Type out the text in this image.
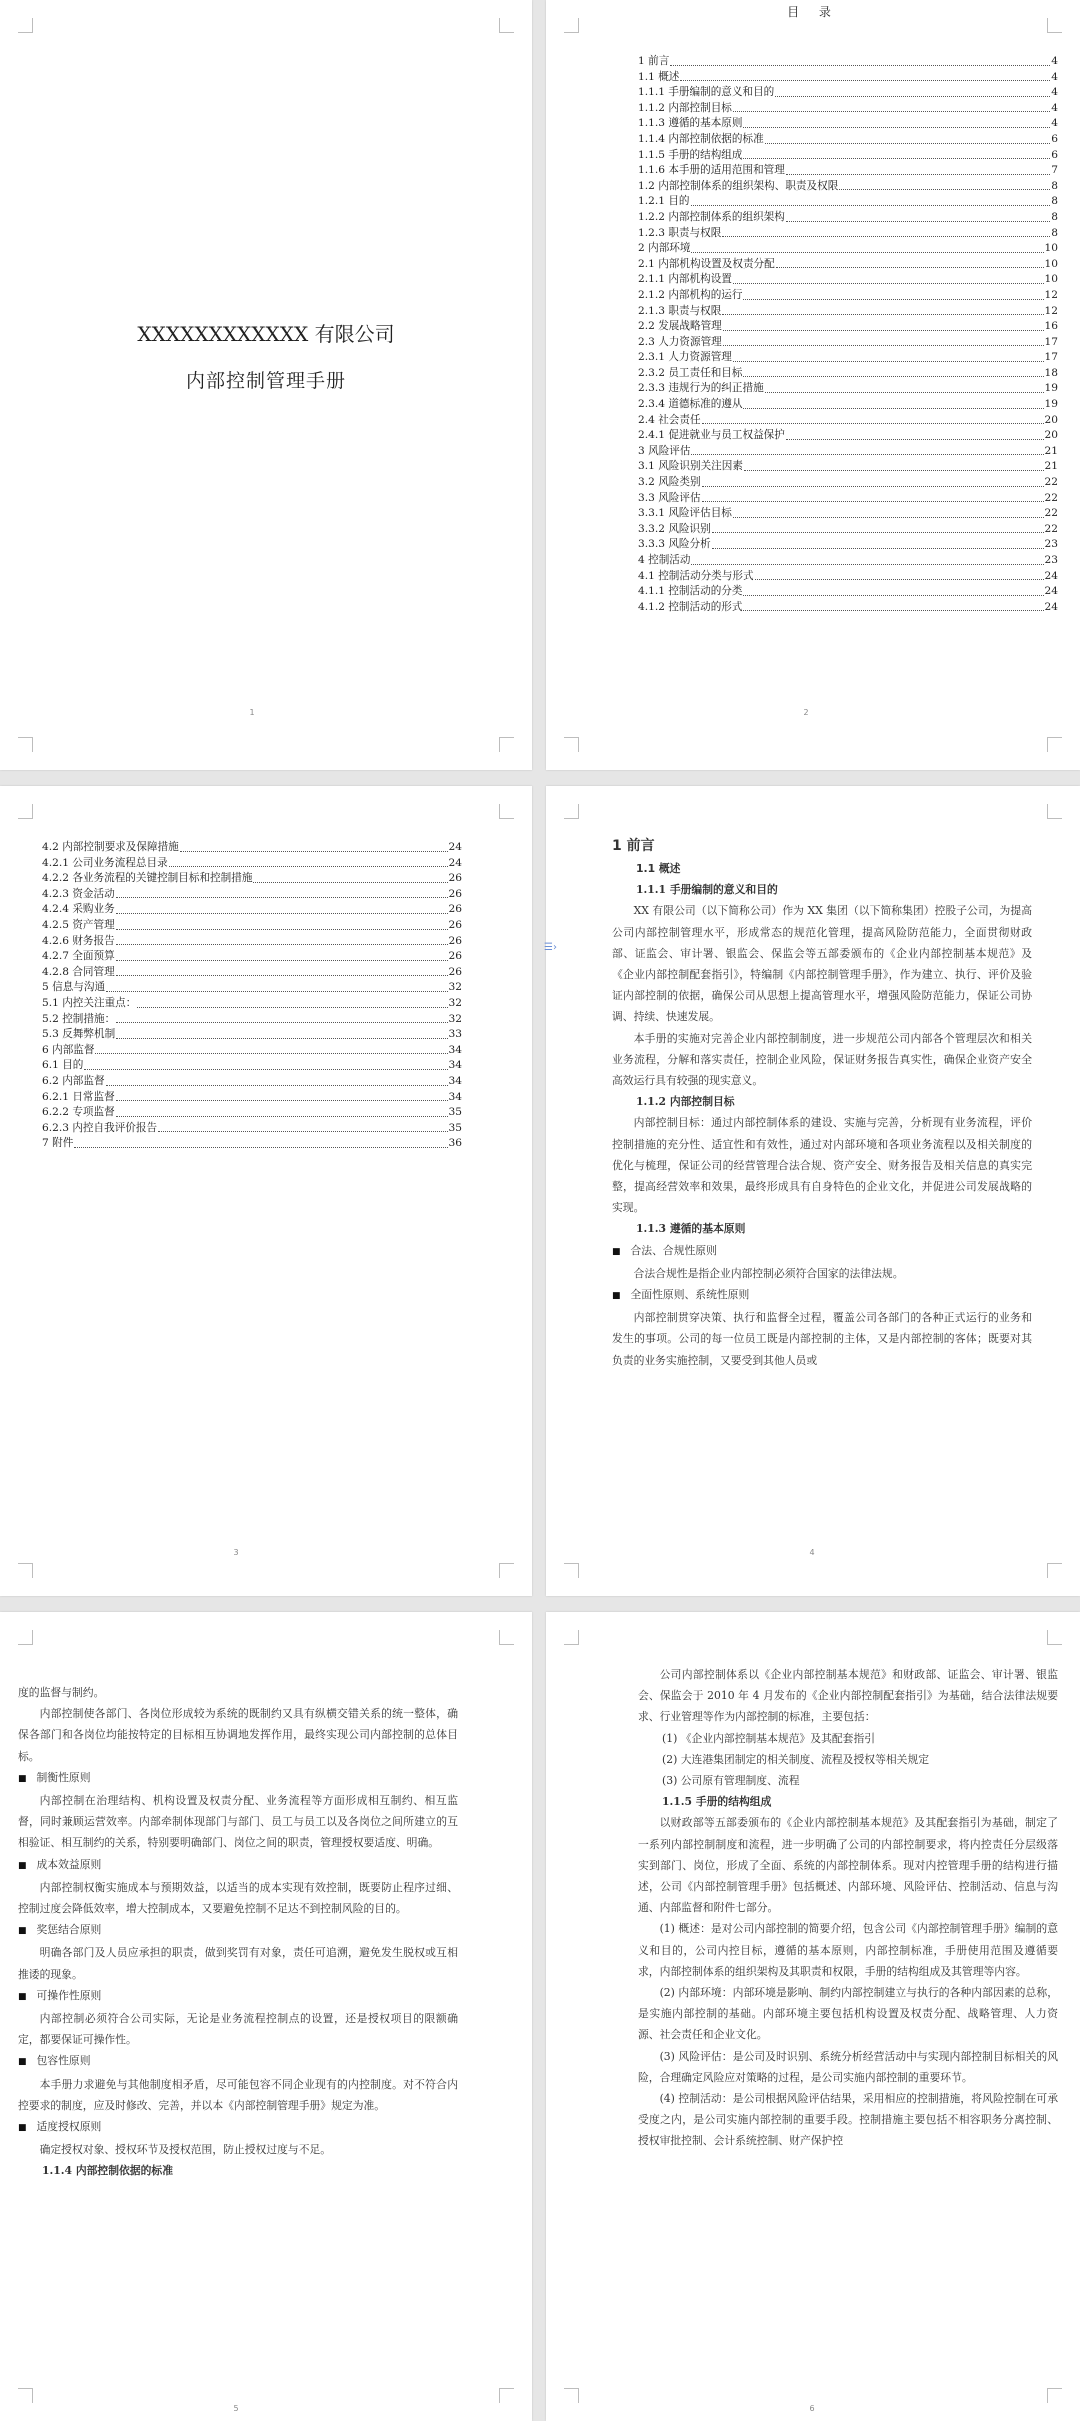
XXXXXXXXXXXX 有限公司
内部控制管理手册
1
目 录
1 前言	4
1.1 概述	4
1.1.1 手册编制的意义和目的	4
1.1.2 内部控制目标	4
1.1.3 遵循的基本原则	4
1.1.4 内部控制依据的标准	6
1.1.5 手册的结构组成	6
1.1.6 本手册的适用范围和管理	7
1.2 内部控制体系的组织架构、职责及权限	8
1.2.1 目的	8
1.2.2 内部控制体系的组织架构	8
1.2.3 职责与权限	8
2 内部环境	10
2.1 内部机构设置及权责分配	10
2.1.1 内部机构设置	10
2.1.2 内部机构的运行	12
2.1.3 职责与权限	12
2.2 发展战略管理	16
2.3 人力资源管理	17
2.3.1 人力资源管理	17
2.3.2 员工责任和目标	18
2.3.3 违规行为的纠正措施	19
2.3.4 道德标准的遵从	19
2.4 社会责任	20
2.4.1 促进就业与员工权益保护	20
3 风险评估	21
3.1 风险识别关注因素	21
3.2 风险类别	22
3.3 风险评估	22
3.3.1 风险评估目标	22
3.3.2 风险识别	22
3.3.3 风险分析	23
4 控制活动	23
4.1 控制活动分类与形式	24
4.1.1 控制活动的分类	24
4.1.2 控制活动的形式	24
2
4.2 内部控制要求及保障措施	24
4.2.1 公司业务流程总目录	24
4.2.2 各业务流程的关键控制目标和控制措施	26
4.2.3 资金活动	26
4.2.4 采购业务	26
4.2.5 资产管理	26
4.2.6 财务报告	26
4.2.7 全面预算	26
4.2.8 合同管理	26
5 信息与沟通	32
5.1 内控关注重点：	32
5.2 控制措施：	32
5.3 反舞弊机制	33
6 内部监督	34
6.1 目的	34
6.2 内部监督	34
6.2.1 日常监督	34
6.2.2 专项监督	35
6.2.3 内控自我评价报告	35
7 附件	36
3
☰›

1 前言

1.1 概述

1.1.1 手册编制的意义和目的

XX 有限公司（以下简称公司）作为 XX 集团（以下简称集团）控股子公司，为提高公司内部控制管理水平，形成常态的规范化管理，提高风险防范能力，全面贯彻财政部、证监会、审计署、银监会、保监会等五部委颁布的《企业内部控制基本规范》及《企业内部控制配套指引》，特编制《内部控制管理手册》，作为建立、执行、评价及验证内部控制的依据，确保公司从思想上提高管理水平，增强风险防范能力，保证公司协调、持续、快速发展。

本手册的实施对完善企业内部控制制度，进一步规范公司内部各个管理层次和相关业务流程，分解和落实责任，控制企业风险，保证财务报告真实性，确保企业资产安全高效运行具有较强的现实意义。

1.1.2 内部控制目标

内部控制目标：通过内部控制体系的建设、实施与完善，分析现有业务流程，评价控制措施的充分性、适宜性和有效性，通过对内部环境和各项业务流程以及相关制度的优化与梳理，保证公司的经营管理合法合规、资产安全、财务报告及相关信息的真实完整，提高经营效率和效果，最终形成具有自身特色的企业文化，并促进公司发展战略的实现。

1.1.3 遵循的基本原则

■ 合法、合规性原则

合法合规性是指企业内部控制必须符合国家的法律法规。

■ 全面性原则、系统性原则

内部控制贯穿决策、执行和监督全过程，覆盖公司各部门的各种正式运行的业务和发生的事项。公司的每一位员工既是内部控制的主体，又是内部控制的客体；既要对其负责的业务实施控制，又要受到其他人员或

4

度的监督与制约。

内部控制使各部门、各岗位形成较为系统的既制约又具有纵横交错关系的统一整体，确保各部门和各岗位均能按特定的目标相互协调地发挥作用，最终实现公司内部控制的总体目标。

■ 制衡性原则

内部控制在治理结构、机构设置及权责分配、业务流程等方面形成相互制约、相互监督，同时兼顾运营效率。内部牵制体现部门与部门、员工与员工以及各岗位之间所建立的互相验证、相互制约的关系，特别要明确部门、岗位之间的职责，管理授权要适度、明确。

■ 成本效益原则

内部控制权衡实施成本与预期效益，以适当的成本实现有效控制，既要防止程序过细、控制过度会降低效率，增大控制成本，又要避免控制不足达不到控制风险的目的。

■ 奖惩结合原则

明确各部门及人员应承担的职责，做到奖罚有对象，责任可追溯，避免发生脱权或互相推诿的现象。

■ 可操作性原则

内部控制必须符合公司实际，无论是业务流程控制点的设置，还是授权项目的限额确定，都要保证可操作性。

■ 包容性原则

本手册力求避免与其他制度相矛盾，尽可能包容不同企业现有的内控制度。对不符合内控要求的制度，应及时修改、完善，并以本《内部控制管理手册》规定为准。

■ 适度授权原则

确定授权对象、授权环节及授权范围，防止授权过度与不足。

1.1.4 内部控制依据的标准

5

公司内部控制体系以《企业内部控制基本规范》和财政部、证监会、审计署、银监会、保监会于 2010 年 4 月发布的《企业内部控制配套指引》为基础，结合法律法规要求、行业管理等作为内部控制的标准，主要包括：

(1) 《企业内部控制基本规范》及其配套指引

(2) 大连港集团制定的相关制度、流程及授权等相关规定

(3) 公司原有管理制度、流程

1.1.5 手册的结构组成

以财政部等五部委颁布的《企业内部控制基本规范》及其配套指引为基础，制定了一系列内部控制制度和流程，进一步明确了公司的内部控制要求，将内控责任分层级落实到部门、岗位，形成了全面、系统的内部控制体系。现对内控管理手册的结构进行描述，公司《内部控制管理手册》包括概述、内部环境、风险评估、控制活动、信息与沟通、内部监督和附件七部分。

(1) 概述：是对公司内部控制的简要介绍，包含公司《内部控制管理手册》编制的意义和目的，公司内控目标，遵循的基本原则，内部控制标准，手册使用范围及遵循要求，内部控制体系的组织架构及其职责和权限，手册的结构组成及其管理等内容。

(2) 内部环境：内部环境是影响、制约内部控制建立与执行的各种内部因素的总称，是实施内部控制的基础。内部环境主要包括机构设置及权责分配、战略管理、人力资源、社会责任和企业文化。

(3) 风险评估：是公司及时识别、系统分析经营活动中与实现内部控制目标相关的风险，合理确定风险应对策略的过程，是公司实施内部控制的重要环节。

(4) 控制活动：是公司根据风险评估结果，采用相应的控制措施，将风险控制在可承受度之内，是公司实施内部控制的重要手段。控制措施主要包括不相容职务分离控制、授权审批控制、会计系统控制、财产保护控

6
